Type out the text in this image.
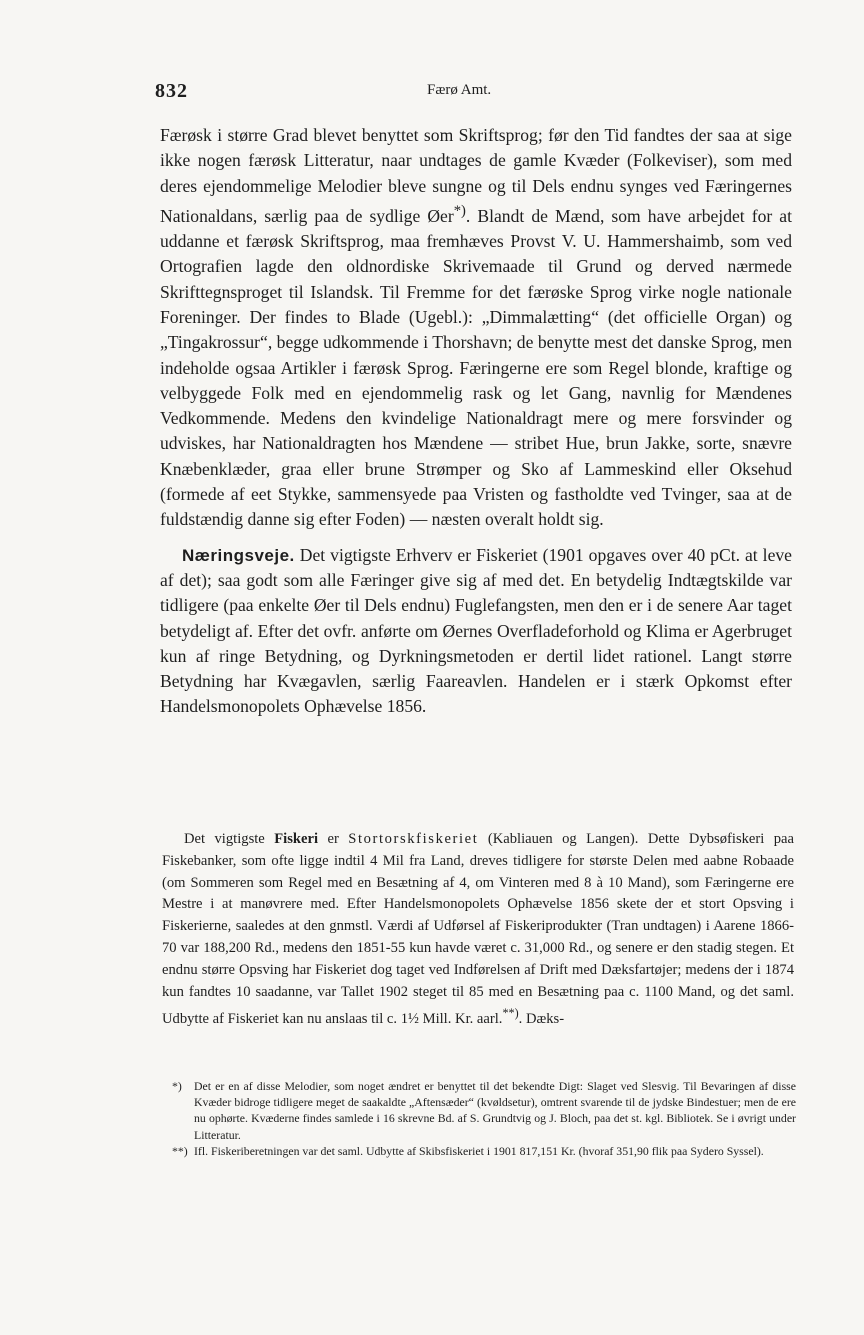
832	Færø Amt.

Færøsk i større Grad blevet benyttet som Skriftsprog; før den Tid fandtes der saa at sige ikke nogen færøsk Litteratur, naar undtages de gamle Kvæder (Folkeviser), som med deres ejendommelige Melodier bleve sungne og til Dels endnu synges ved Færingernes Nationaldans, særlig paa de sydlige Øer*). Blandt de Mænd, som have arbejdet for at uddanne et færøsk Skriftsprog, maa fremhæves Provst V. U. Hammershaimb, som ved Ortografien lagde den oldnordiske Skrivemaade til Grund og derved nærmede Skrifttegnsproget til Islandsk. Til Fremme for det færøske Sprog virke nogle nationale Foreninger. Der findes to Blade (Ugebl.): „Dimmalætting“ (det officielle Organ) og „Tingakrossur“, begge udkommende i Thorshavn; de benytte mest det danske Sprog, men indeholde ogsaa Artikler i færøsk Sprog. Færingerne ere som Regel blonde, kraftige og velbyggede Folk med en ejendommelig rask og let Gang, navnlig for Mændenes Vedkommende. Medens den kvindelige Nationaldragt mere og mere forsvinder og udviskes, har Nationaldragten hos Mændene — stribet Hue, brun Jakke, sorte, snævre Knæbenklæder, graa eller brune Strømper og Sko af Lammeskind eller Oksehud (formede af eet Stykke, sammensyede paa Vristen og fastholdte ved Tvinger, saa at de fuldstændig danne sig efter Foden) — næsten overalt holdt sig.

Næringsveje. Det vigtigste Erhverv er Fiskeriet (1901 opgaves over 40 pCt. at leve af det); saa godt som alle Færinger give sig af med det. En betydelig Indtægtskilde var tidligere (paa enkelte Øer til Dels endnu) Fuglefangsten, men den er i de senere Aar taget betydeligt af. Efter det ovfr. anførte om Øernes Overfladeforhold og Klima er Agerbruget kun af ringe Betydning, og Dyrkningsmetoden er dertil lidet rationel. Langt større Betydning har Kvægavlen, særlig Faareavlen. Handelen er i stærk Opkomst efter Handelsmonopolets Ophævelse 1856.

Det vigtigste Fiskeri er Stortorskfiskeriet (Kabliauen og Langen). Dette Dybsøfiskeri paa Fiskebanker, som ofte ligge indtil 4 Mil fra Land, dreves tidligere for største Delen med aabne Robaade (om Sommeren som Regel med en Besætning af 4, om Vinteren med 8 à 10 Mand), som Færingerne ere Mestre i at manøvrere med. Efter Handelsmonopolets Ophævelse 1856 skete der et stort Opsving i Fiskerierne, saaledes at den gnmstl. Værdi af Udførsel af Fiskeriprodukter (Tran undtagen) i Aarene 1866-70 var 188,200 Rd., medens den 1851-55 kun havde været c. 31,000 Rd., og senere er den stadig stegen. Et endnu større Opsving har Fiskeriet dog taget ved Indførelsen af Drift med Dæksfartøjer; medens der i 1874 kun fandtes 10 saadanne, var Tallet 1902 steget til 85 med en Besætning paa c. 1100 Mand, og det saml. Udbytte af Fiskeriet kan nu anslaas til c. 1½ Mill. Kr. aarl.**). Dæks-

*) Det er en af disse Melodier, som noget ændret er benyttet til det bekendte Digt: Slaget ved Slesvig. Til Bevaringen af disse Kvæder bidroge tidligere meget de saakaldte „Aftensæder“ (kvøldsetur), omtrent svarende til de jydske Bindestuer; men de ere nu ophørte. Kvæderne findes samlede i 16 skrevne Bd. af S. Grundtvig og J. Bloch, paa det st. kgl. Bibliotek. Se i øvrigt under Litteratur.

**) Ifl. Fiskeriberetningen var det saml. Udbytte af Skibsfiskeriet i 1901 817,151 Kr. (hvoraf 351,90 flik paa Sydero Syssel).
